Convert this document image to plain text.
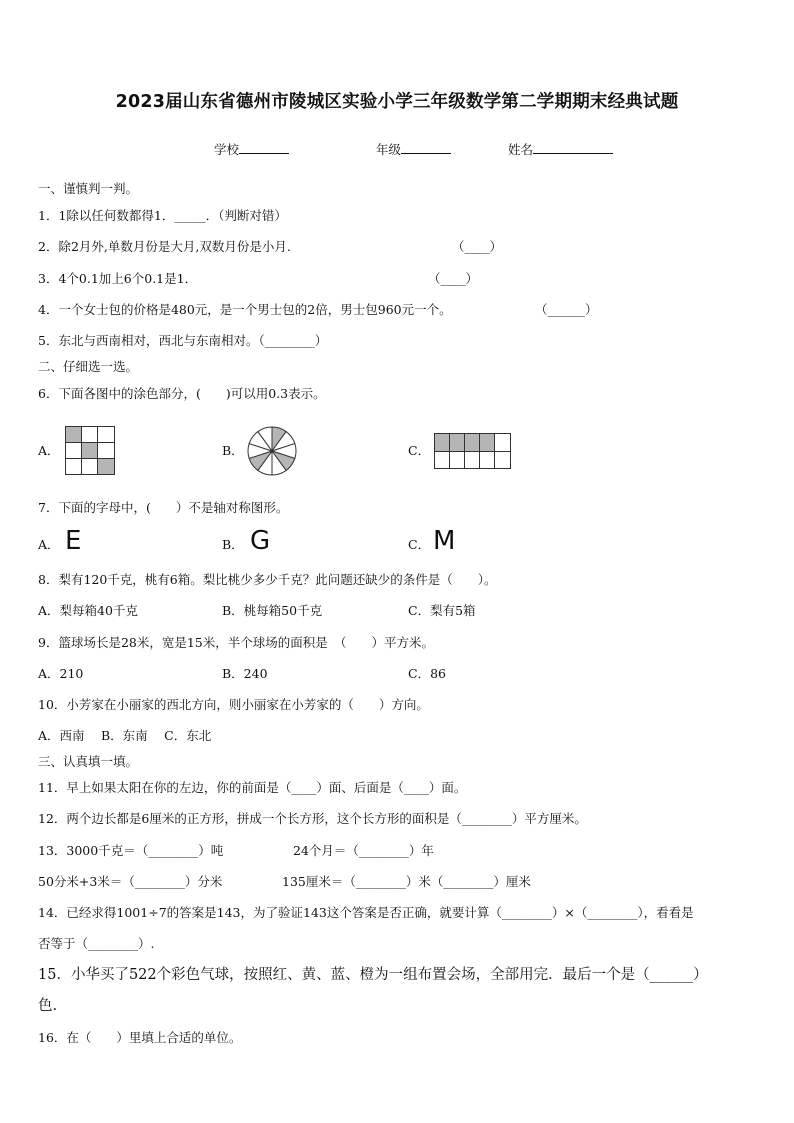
2023届山东省德州市陵城区实验小学三年级数学第二学期期末经典试题
学校	年级	姓名
一、谨慎判一判。
1．1除以任何数都得1．_____．（判断对错）
2．除2月外,单数月份是大月,双数月份是小月.	（____）
3．4个0.1加上6个0.1是1．	（____）
4．一个女士包的价格是480元，是一个男士包的2倍，男士包960元一个。	（______）
5．东北与西南相对，西北与东南相对。（________）
二、仔细选一选。
6．下面各图中的涂色部分，(　　)可以用0.3表示。
A．	B．	C．
7．下面的字母中，(　　）不是轴对称图形。
A． E	B． G	C． M
8．梨有120千克，桃有6箱。梨比桃少多少千克？此问题还缺少的条件是（　　）。
A．梨每箱40千克	B．桃每箱50千克	C．梨有5箱
9．篮球场长是28米，宽是15米，半个球场的面积是　（　　）平方米。
A．210	B．240	C．86
10．小芳家在小丽家的西北方向，则小丽家在小芳家的（　　）方向。
A．西南　 B．东南　 C．东北
三、认真填一填。
11．早上如果太阳在你的左边，你的前面是（____）面、后面是（____）面。
12．两个边长都是6厘米的正方形，拼成一个长方形，这个长方形的面积是（________）平方厘米。
13．3000千克＝（________）吨	24个月＝（________）年
50分米+3米＝（________）分米	135厘米＝（________）米（________）厘米
14．已经求得1001÷7的答案是143，为了验证143这个答案是否正确，就要计算（________）×（________），看看是
否等于（________）.
15．小华买了522个彩色气球，按照红、黄、蓝、橙为一组布置会场，全部用完．最后一个是（______）
色.
16．在（　　）里填上合适的单位。
